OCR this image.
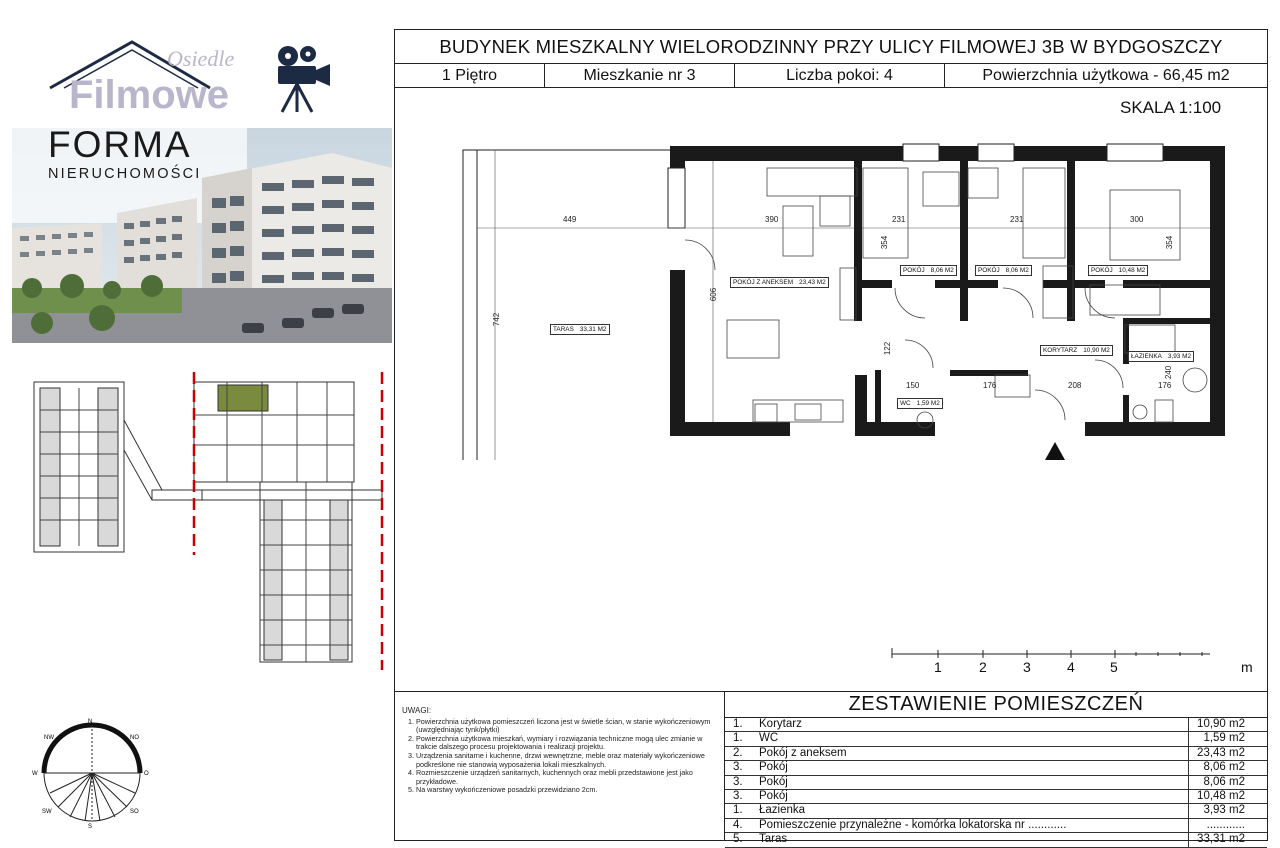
BUDYNEK MIESZKALNY WIELORODZINNY PRZY ULICY FILMOWEJ 3B W BYDGOSZCZY
1 Piętro	Mieszkanie nr 3	Liczba pokoi: 4	Powierzchnia użytkowa - 66,45 m2
SKALA 1:100
Filmowe
Osiedle
FORMA
NIERUCHOMOŚCI
N
S
W	O
NW	NO
SW	SO
449
742
390
606
231	231	300
354	354
122
150	176	208	176
240
POKÓJ Z ANEKSEM 23,43 M2
POKÓJ 8,06 M2	POKÓJ 8,06 M2	POKÓJ 10,48 M2
KORYTARZ 10,90 M2
ŁAZIENKA 3,93 M2
WC 1,59 M2
TARAS 33,31 M2
1	2	3	4	5	m
UWAGI:
1. Powierzchnia użytkowa pomieszczeń liczona jest w świetle ścian, w stanie wykończeniowym (uwzględniając tynk/płytki)
2. Powierzchnia użytkowa mieszkań, wymiary i rozwiązania techniczne mogą ulec zmianie w trakcie dalszego procesu projektowania i realizacji projektu.
3. Urządzenia sanitarne i kuchenne, drzwi wewnętrzne, meble oraz materiały wykończeniowe podkreślone nie stanowią wyposażenia lokali mieszkalnych.
4. Rozmieszczenie urządzeń sanitarnych, kuchennych oraz mebli przedstawione jest jako przykładowe.
5. Na warstwy wykończeniowe posadzki przewidziano 2cm.
ZESTAWIENIE POMIESZCZEŃ
1.	Korytarz	10,90 m2
1.	WC	1,59 m2
2.	Pokój z aneksem	23,43 m2
3.	Pokój	8,06 m2
3.	Pokój	8,06 m2
3.	Pokój	10,48 m2
1.	Łazienka	3,93 m2
4.	Pomieszczenie przynależne - komórka lokatorska nr ............	............
5.	Taras	33,31 m2
